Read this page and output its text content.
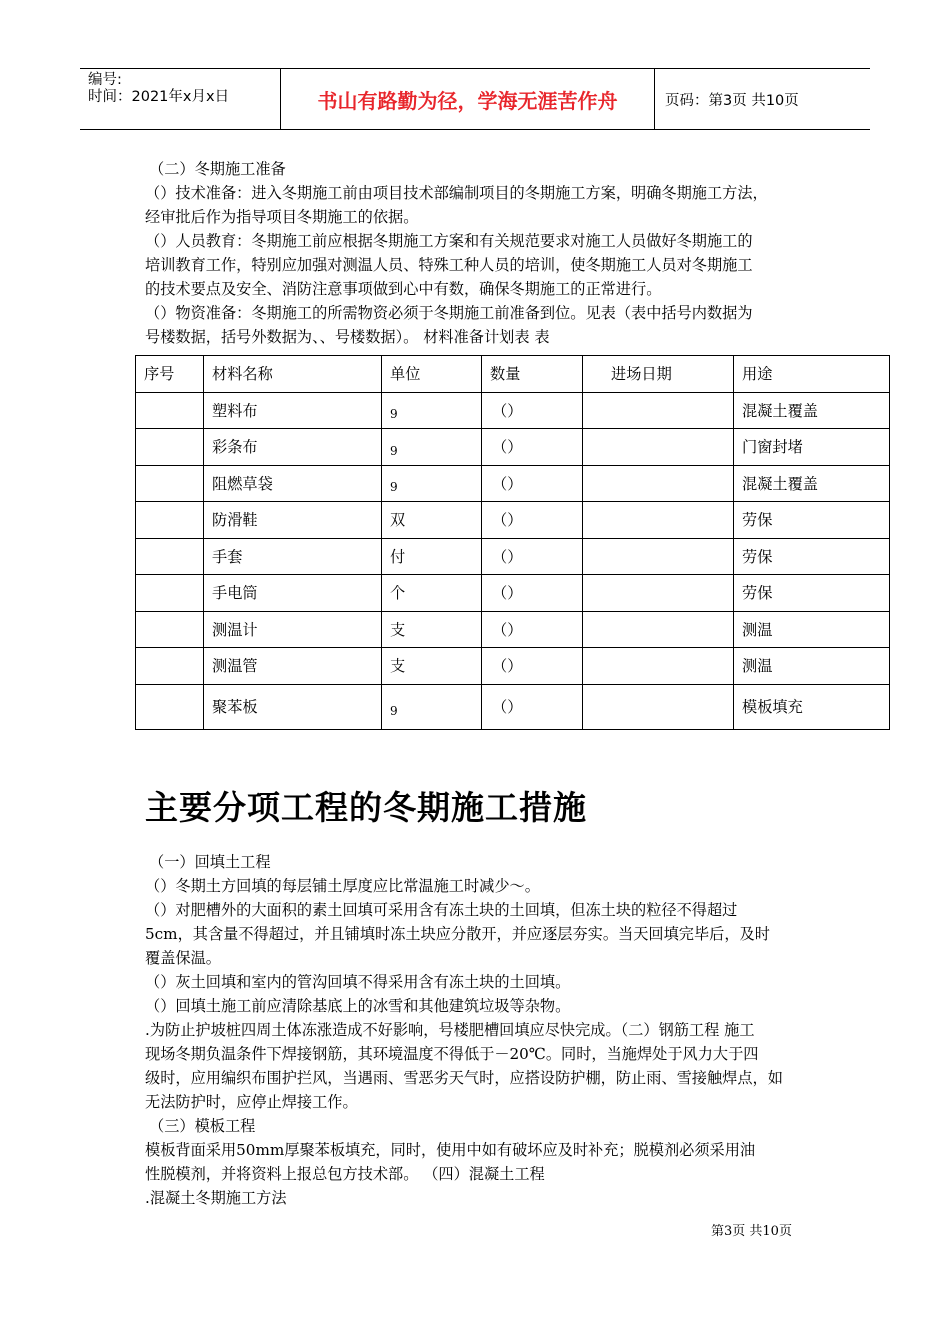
编号:
时间：2021年x月x日	书山有路勤为径，学海无涯苦作舟	页码：第3页 共10页

（二）冬期施工准备

（）技术准备：进入冬期施工前由项目技术部编制项目的冬期施工方案，明确冬期施工方法，

经审批后作为指导项目冬期施工的依据。

（）人员教育：冬期施工前应根据冬期施工方案和有关规范要求对施工人员做好冬期施工的

培训教育工作，特别应加强对测温人员、特殊工种人员的培训，使冬期施工人员对冬期施工

的技术要点及安全、消防注意事项做到心中有数，确保冬期施工的正常进行。

（）物资准备：冬期施工的所需物资必须于冬期施工前准备到位。见表（表中括号内数据为

号楼数据，括号外数据为、、号楼数据）。 材料准备计划表 表

序号	材料名称	单位	数量	进场日期	用途
	塑料布	9	（）		混凝土覆盖
	彩条布	9	（）		门窗封堵
	阻燃草袋	9	（）		混凝土覆盖
	防滑鞋	双	（）		劳保
	手套	付	（）		劳保
	手电筒	个	（）		劳保
	测温计	支	（）		测温
	测温管	支	（）		测温
	聚苯板	9	（）		模板填充
主要分项工程的冬期施工措施

（一）回填土工程

（）冬期土方回填的每层铺土厚度应比常温施工时减少～。

（）对肥槽外的大面积的素土回填可采用含有冻土块的土回填，但冻土块的粒径不得超过

5cm，其含量不得超过，并且铺填时冻土块应分散开，并应逐层夯实。当天回填完毕后，及时

覆盖保温。

（）灰土回填和室内的管沟回填不得采用含有冻土块的土回填。

（）回填土施工前应清除基底上的冰雪和其他建筑垃圾等杂物。

.为防止护坡桩四周土体冻涨造成不好影响，号楼肥槽回填应尽快完成。（二）钢筋工程 施工

现场冬期负温条件下焊接钢筋，其环境温度不得低于－20℃。同时，当施焊处于风力大于四

级时，应用编织布围护拦风，当遇雨、雪恶劣天气时，应搭设防护棚，防止雨、雪接触焊点，如

无法防护时，应停止焊接工作。

（三）模板工程

模板背面采用50mm厚聚苯板填充，同时，使用中如有破坏应及时补充；脱模剂必须采用油

性脱模剂，并将资料上报总包方技术部。 （四）混凝土工程

.混凝土冬期施工方法

第3页 共10页
